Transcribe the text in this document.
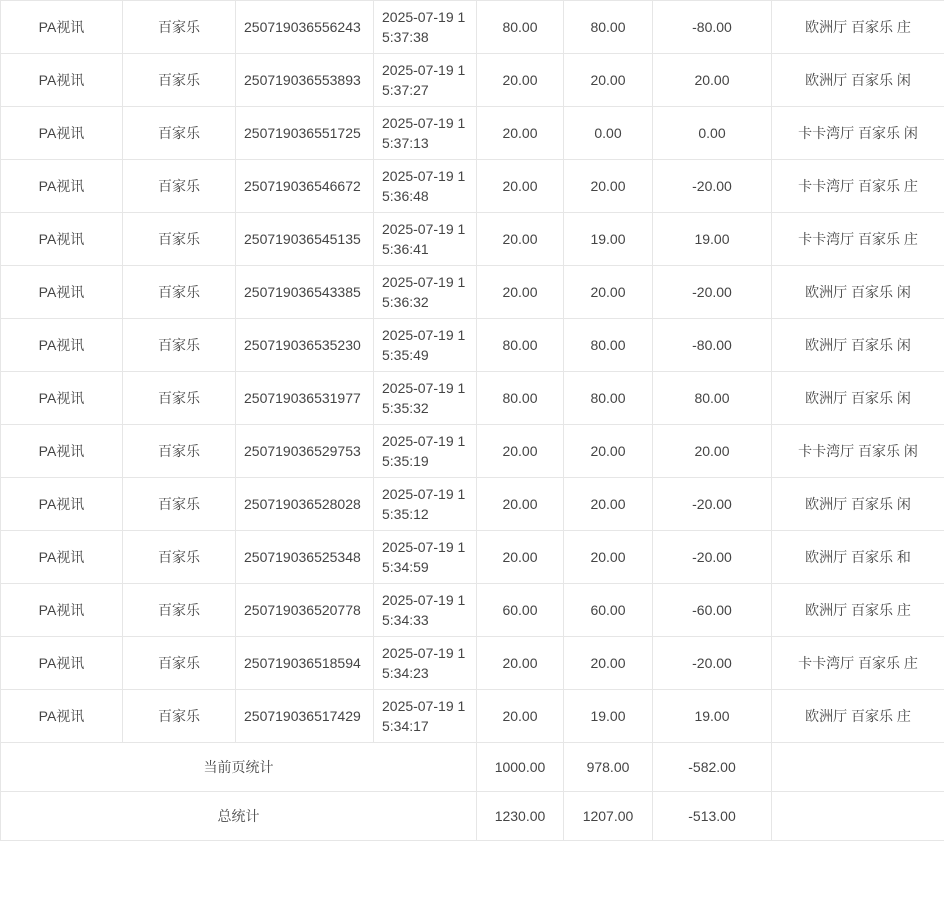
PA视讯	百家乐	250719036556243	2025-07-19 15:37:38	80.00	80.00	-80.00	欧洲厅 百家乐 庄
PA视讯	百家乐	250719036553893	2025-07-19 15:37:27	20.00	20.00	20.00	欧洲厅 百家乐 闲
PA视讯	百家乐	250719036551725	2025-07-19 15:37:13	20.00	0.00	0.00	卡卡湾厅 百家乐 闲
PA视讯	百家乐	250719036546672	2025-07-19 15:36:48	20.00	20.00	-20.00	卡卡湾厅 百家乐 庄
PA视讯	百家乐	250719036545135	2025-07-19 15:36:41	20.00	19.00	19.00	卡卡湾厅 百家乐 庄
PA视讯	百家乐	250719036543385	2025-07-19 15:36:32	20.00	20.00	-20.00	欧洲厅 百家乐 闲
PA视讯	百家乐	250719036535230	2025-07-19 15:35:49	80.00	80.00	-80.00	欧洲厅 百家乐 闲
PA视讯	百家乐	250719036531977	2025-07-19 15:35:32	80.00	80.00	80.00	欧洲厅 百家乐 闲
PA视讯	百家乐	250719036529753	2025-07-19 15:35:19	20.00	20.00	20.00	卡卡湾厅 百家乐 闲
PA视讯	百家乐	250719036528028	2025-07-19 15:35:12	20.00	20.00	-20.00	欧洲厅 百家乐 闲
PA视讯	百家乐	250719036525348	2025-07-19 15:34:59	20.00	20.00	-20.00	欧洲厅 百家乐 和
PA视讯	百家乐	250719036520778	2025-07-19 15:34:33	60.00	60.00	-60.00	欧洲厅 百家乐 庄
PA视讯	百家乐	250719036518594	2025-07-19 15:34:23	20.00	20.00	-20.00	卡卡湾厅 百家乐 庄
PA视讯	百家乐	250719036517429	2025-07-19 15:34:17	20.00	19.00	19.00	欧洲厅 百家乐 庄
当前页统计				1000.00	978.00	-582.00	
总统计				1230.00	1207.00	-513.00	
